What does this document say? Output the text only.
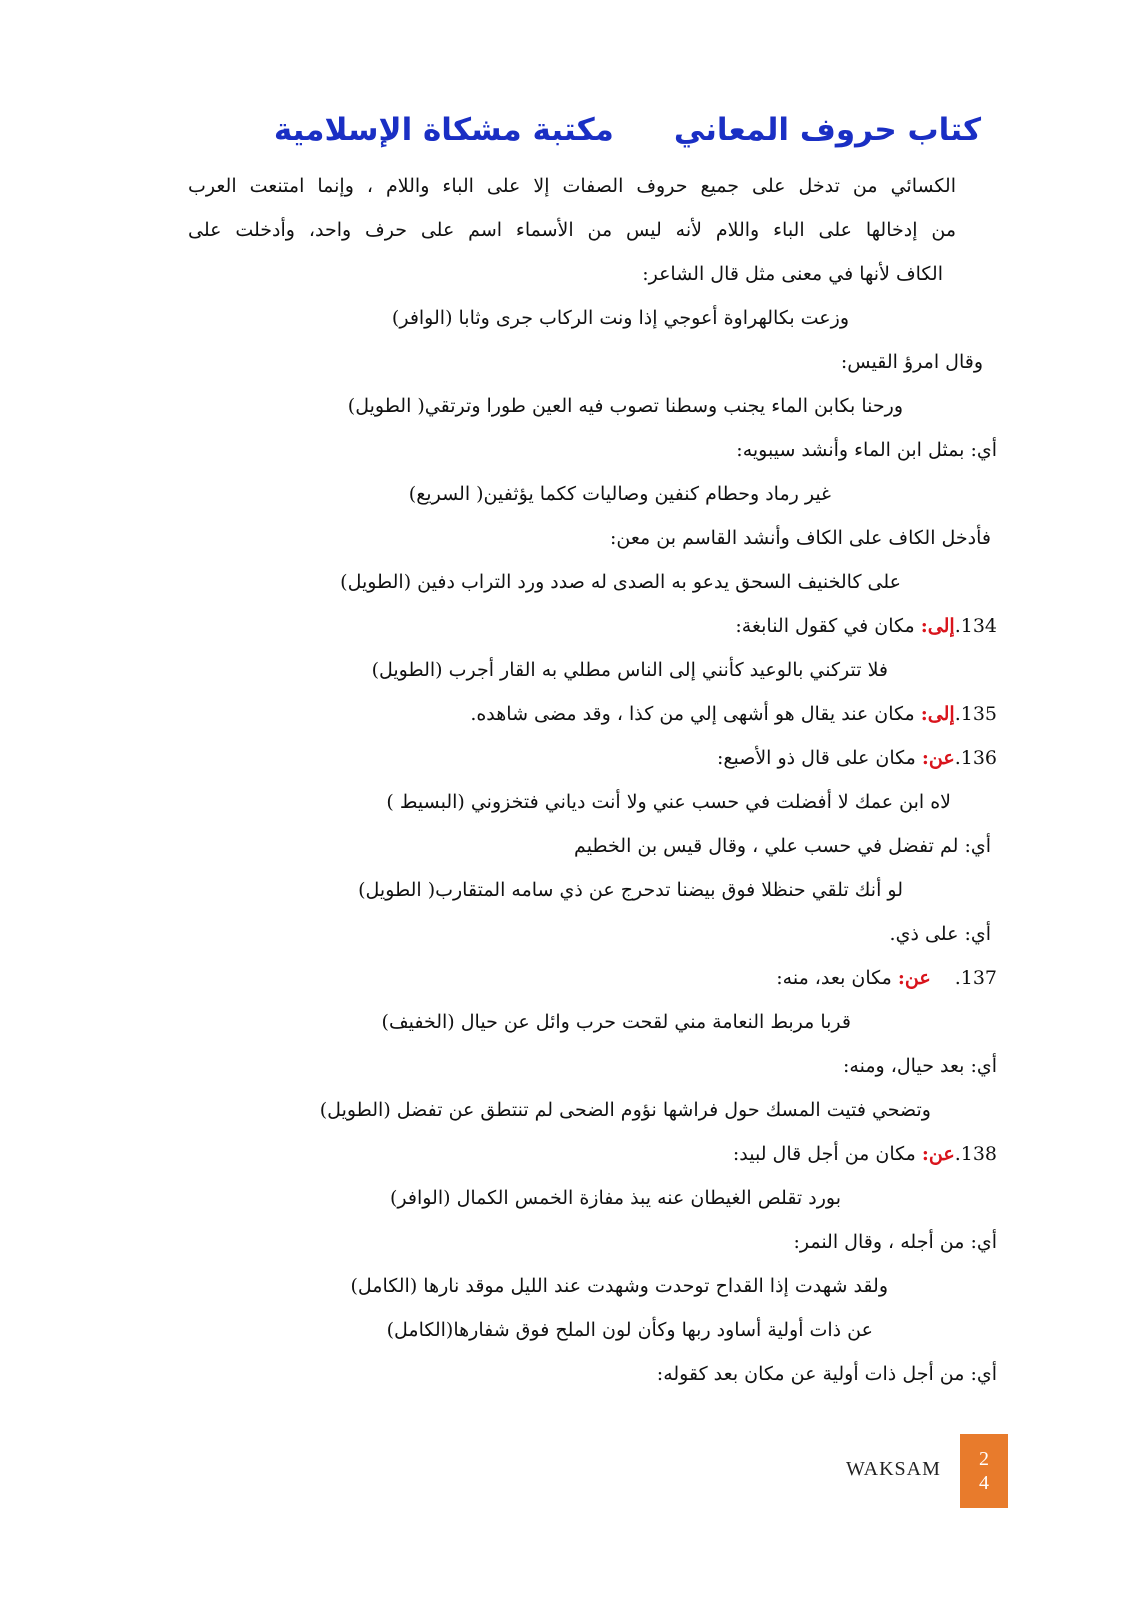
كتاب حروف المعانيمكتبة مشكاة الإسلامية
الكسائي من تدخل على جميع حروف الصفات إلا على الباء واللام ، وإنما امتنعت العرب
من إدخالها على الباء واللام لأنه ليس من الأسماء اسم على حرف واحد، وأدخلت على
الكاف لأنها في معنى مثل قال الشاعر:
وزعت بكالهراوة أعوجي إذا ونت الركاب جرى وثابا (الوافر)
وقال امرؤ القيس:
ورحنا بكابن الماء يجنب وسطنا تصوب فيه العين طورا وترتقي( الطويل)
أي: بمثل ابن الماء وأنشد سيبويه:
غير رماد وحطام كنفين وصاليات ككما يؤثفين( السريع)
فأدخل الكاف على الكاف وأنشد القاسم بن معن:
على كالخنيف السحق يدعو به الصدى له صدد ورد التراب دفين (الطويل)
134.إلى: مكان في كقول النابغة:
فلا تتركني بالوعيد كأنني إلى الناس مطلي به القار أجرب (الطويل)
135.إلى: مكان عند يقال هو أشهى إلي من كذا ، وقد مضى شاهده.
136.عن: مكان على قال ذو الأصبع:
لاه ابن عمك لا أفضلت في حسب عني ولا أنت دياني فتخزوني (البسيط )
أي: لم تفضل في حسب علي ، وقال قيس بن الخطيم
لو أنك تلقي حنظلا فوق بيضنا تدحرج عن ذي سامه المتقارب( الطويل)
أي: على ذي.
137.عن: مكان بعد، منه:
قربا مربط النعامة مني لقحت حرب وائل عن حيال (الخفيف)
أي: بعد حيال، ومنه:
وتضحي فتيت المسك حول فراشها نؤوم الضحى لم تنتطق عن تفضل (الطويل)
138.عن: مكان من أجل قال لبيد:
بورد تقلص الغيطان عنه يبذ مفازة الخمس الكمال (الوافر)
أي: من أجله ، وقال النمر:
ولقد شهدت إذا القداح توحدت وشهدت عند الليل موقد نارها (الكامل)
عن ذات أولية أساود ربها وكأن لون الملح فوق شفارها(الكامل)
أي: من أجل ذات أولية عن مكان بعد كقوله:
WAKSAM	2
4
